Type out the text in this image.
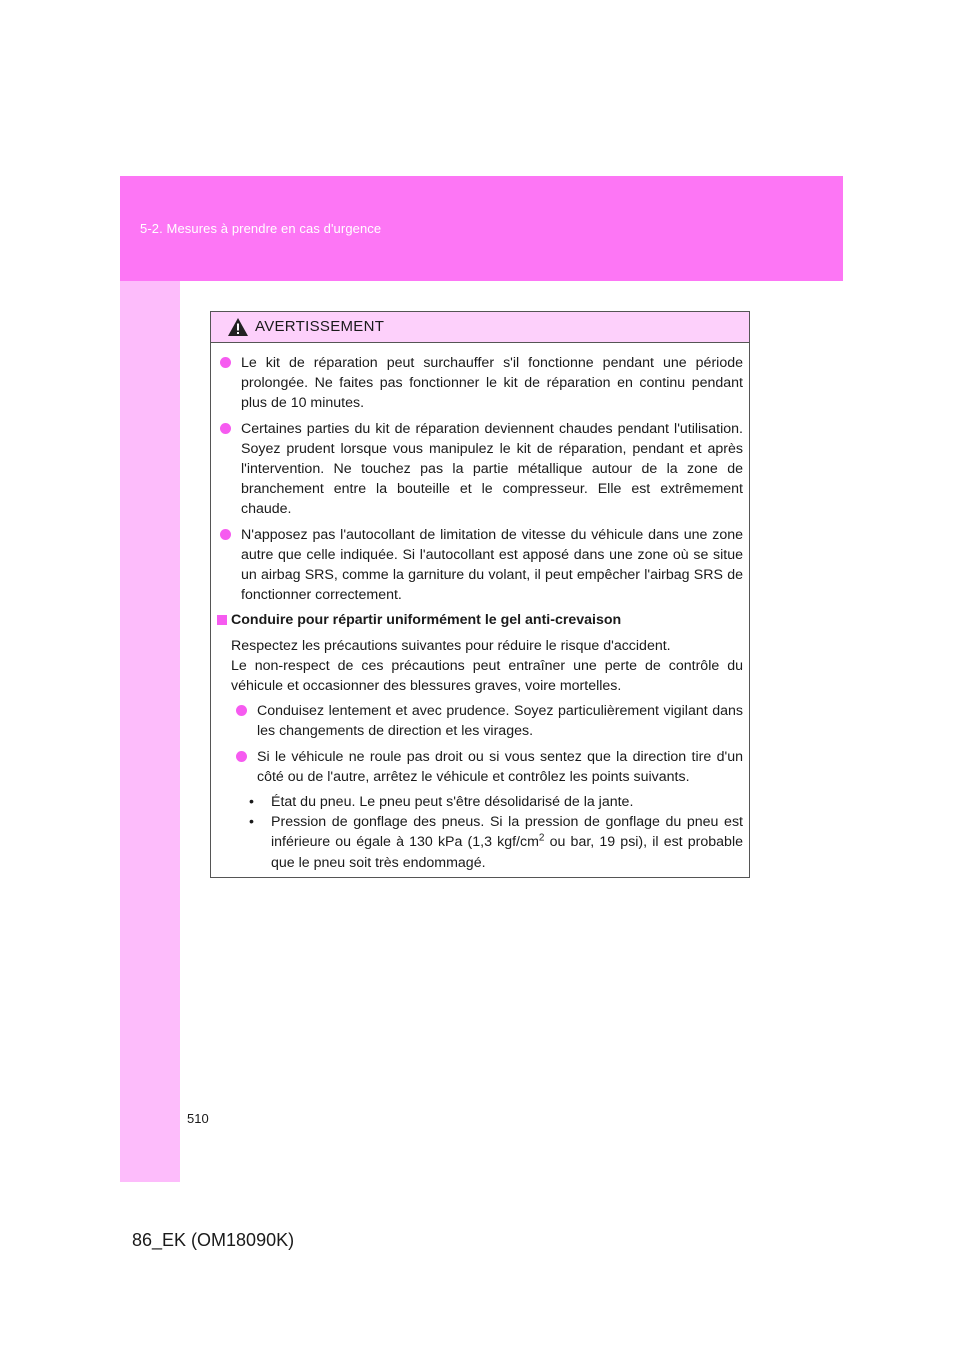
5-2. Mesures à prendre en cas d'urgence
AVERTISSEMENT
Le kit de réparation peut surchauffer s'il fonctionne pendant une période prolongée. Ne faites pas fonctionner le kit de réparation en continu pendant plus de 10 minutes.
Certaines parties du kit de réparation deviennent chaudes pendant l'utilisation. Soyez prudent lorsque vous manipulez le kit de réparation, pendant et après l'intervention. Ne touchez pas la partie métallique autour de la zone de branchement entre la bouteille et le compresseur. Elle est extrêmement chaude.
N'apposez pas l'autocollant de limitation de vitesse du véhicule dans une zone autre que celle indiquée. Si l'autocollant est apposé dans une zone où se situe un airbag SRS, comme la garniture du volant, il peut empêcher l'airbag SRS de fonctionner correctement.
Conduire pour répartir uniformément le gel anti-crevaison
Respectez les précautions suivantes pour réduire le risque d'accident.
Le non-respect de ces précautions peut entraîner une perte de contrôle du véhicule et occasionner des blessures graves, voire mortelles.
Conduisez lentement et avec prudence. Soyez particulièrement vigilant dans les changements de direction et les virages.
Si le véhicule ne roule pas droit ou si vous sentez que la direction tire d'un côté ou de l'autre, arrêtez le véhicule et contrôlez les points suivants.
• État du pneu. Le pneu peut s'être désolidarisé de la jante.
• Pression de gonflage des pneus. Si la pression de gonflage du pneu est inférieure ou égale à 130 kPa (1,3 kgf/$cm^2$ ou bar, 19 psi), il est probable que le pneu soit très endommagé.
510
86_EK (OM18090K)
